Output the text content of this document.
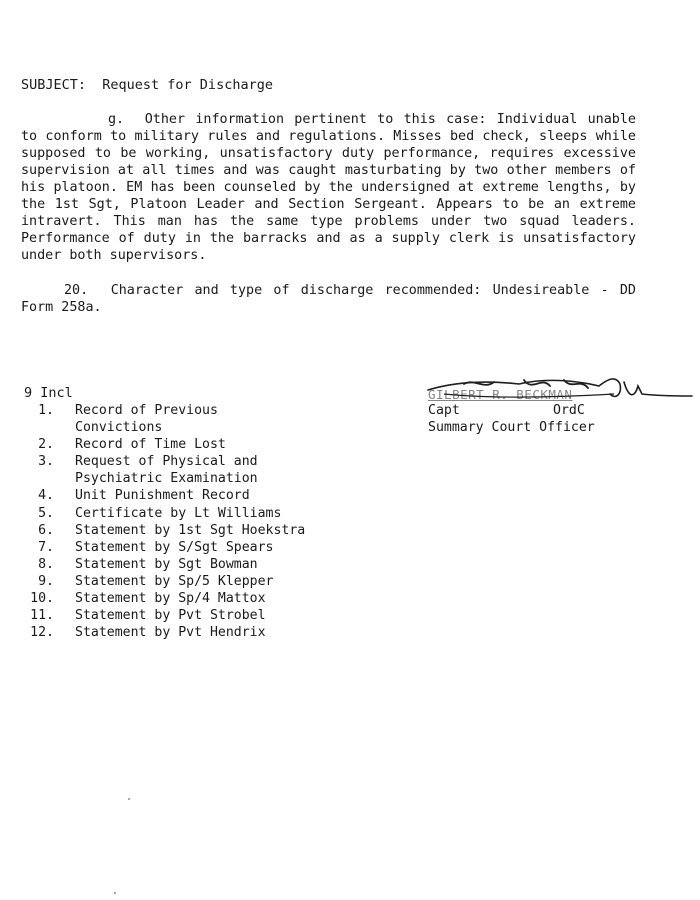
SUBJECT:  Request for Discharge
g. Other information pertinent to this case: Individual unable to conform to military rules and regulations. Misses bed check, sleeps while supposed to be working, unsatisfactory duty performance, requires excessive supervision at all times and was caught masturbating by two other members of his platoon. EM has been counseled by the undersigned at extreme lengths, by the 1st Sgt, Platoon Leader and Section Sergeant. Appears to be an extreme intravert. This man has the same type problems under two squad leaders. Performance of duty in the barracks and as a supply clerk is unsatisfactory under both supervisors.
20. Character and type of discharge recommended: Undesireable - DD Form 258a.
9 Incl
1.	Record of Previous
Convictions
2.	Record of Time Lost
3.	Request of Physical and
Psychiatric Examination
4.	Unit Punishment Record
5.	Certificate by Lt Williams
6.	Statement by 1st Sgt Hoekstra
7.	Statement by S/Sgt Spears
8.	Statement by Sgt Bowman
9.	Statement by Sp/5 Klepper
10.	Statement by Sp/4 Mattox
11.	Statement by Pvt Strobel
12.	Statement by Pvt Hendrix
GILBERT R. BECKMAN
Capt	OrdC
Summary Court Officer
